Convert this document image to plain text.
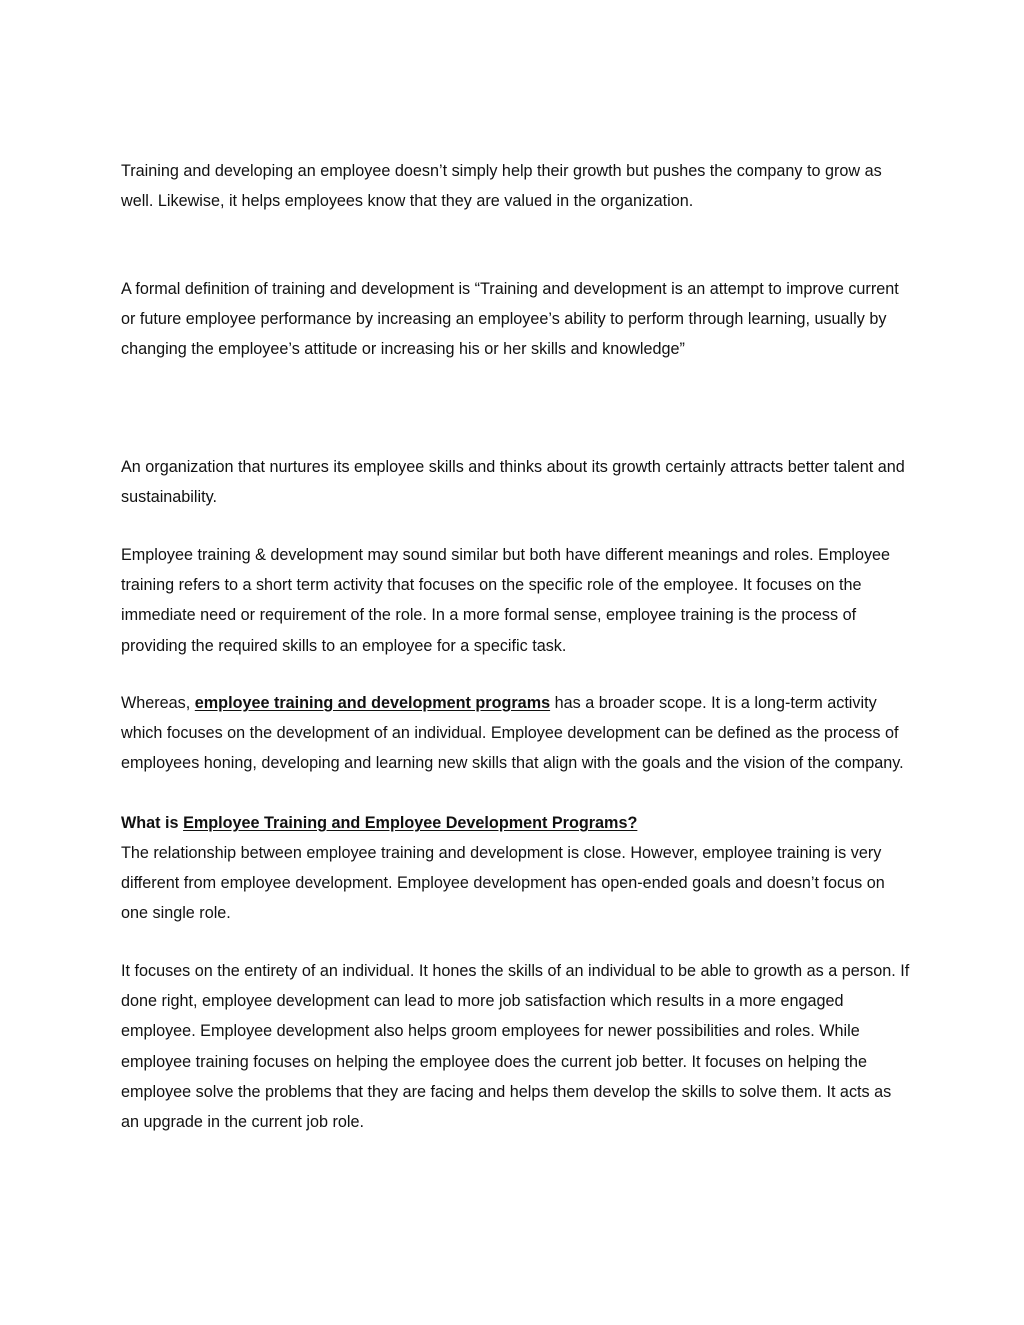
Training and developing an employee doesn’t simply help their growth but pushes the company to grow as well. Likewise, it helps employees know that they are valued in the organization.

A formal definition of training and development is “Training and development is an attempt to improve current or future employee performance by increasing an employee’s ability to perform through learning, usually by changing the employee’s attitude or increasing his or her skills and knowledge”

An organization that nurtures its employee skills and thinks about its growth certainly attracts better talent and sustainability.

Employee training & development may sound similar but both have different meanings and roles. Employee training refers to a short term activity that focuses on the specific role of the employee. It focuses on the immediate need or requirement of the role. In a more formal sense, employee training is the process of providing the required skills to an employee for a specific task.

Whereas, employee training and development programs has a broader scope. It is a long-term activity which focuses on the development of an individual. Employee development can be defined as the process of employees honing, developing and learning new skills that align with the goals and the vision of the company.

What is Employee Training and Employee Development Programs?

The relationship between employee training and development is close. However, employee training is very different from employee development. Employee development has open-ended goals and doesn’t focus on one single role.

It focuses on the entirety of an individual. It hones the skills of an individual to be able to growth as a person. If done right, employee development can lead to more job satisfaction which results in a more engaged employee. Employee development also helps groom employees for newer possibilities and roles. While employee training focuses on helping the employee does the current job better. It focuses on helping the employee solve the problems that they are facing and helps them develop the skills to solve them. It acts as an upgrade in the current job role.
